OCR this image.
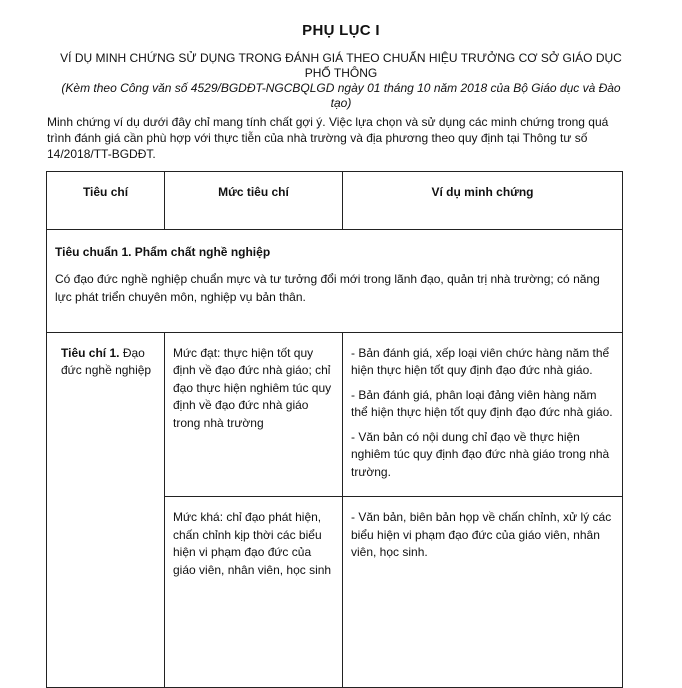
PHỤ LỤC I
VÍ DỤ MINH CHỨNG SỬ DỤNG TRONG ĐÁNH GIÁ THEO CHUẨN HIỆU TRƯỞNG CƠ SỞ GIÁO DỤC PHỔ THÔNG
(Kèm theo Công văn số 4529/BGDĐT-NGCBQLGD ngày 01 tháng 10 năm 2018 của Bộ Giáo dục và Đào tạo)
Minh chứng ví dụ dưới đây chỉ mang tính chất gợi ý. Việc lựa chọn và sử dụng các minh chứng trong quá trình đánh giá cần phù hợp với thực tiễn của nhà trường và địa phương theo quy định tại Thông tư số 14/2018/TT-BGDĐT.
Tiêu chí	Mức tiêu chí	Ví dụ minh chứng

Tiêu chuẩn 1. Phẩm chất nghề nghiệp
Có đạo đức nghề nghiệp chuẩn mực và tư tưởng đổi mới trong lãnh đạo, quản trị nhà trường; có năng lực phát triển chuyên môn, nghiệp vụ bản thân.		

Tiêu chí 1. Đạo đức nghề nghiệp	Mức đạt: thực hiện tốt quy định về đạo đức nhà giáo; chỉ đạo thực hiện nghiêm túc quy định về đạo đức nhà giáo trong nhà trường	- Bản đánh giá, xếp loại viên chức hàng năm thể hiện thực hiện tốt quy định đạo đức nhà giáo.
- Bản đánh giá, phân loại đảng viên hàng năm thể hiện thực hiện tốt quy định đạo đức nhà giáo.
- Văn bản có nội dung chỉ đạo về thực hiện nghiêm túc quy định đạo đức nhà giáo trong nhà trường.

	Mức khá: chỉ đạo phát hiện, chấn chỉnh kịp thời các biểu hiện vi phạm đạo đức của giáo viên, nhân viên, học sinh	- Văn bản, biên bản họp về chấn chỉnh, xử lý các biểu hiện vi phạm đạo đức của giáo viên, nhân viên, học sinh.
